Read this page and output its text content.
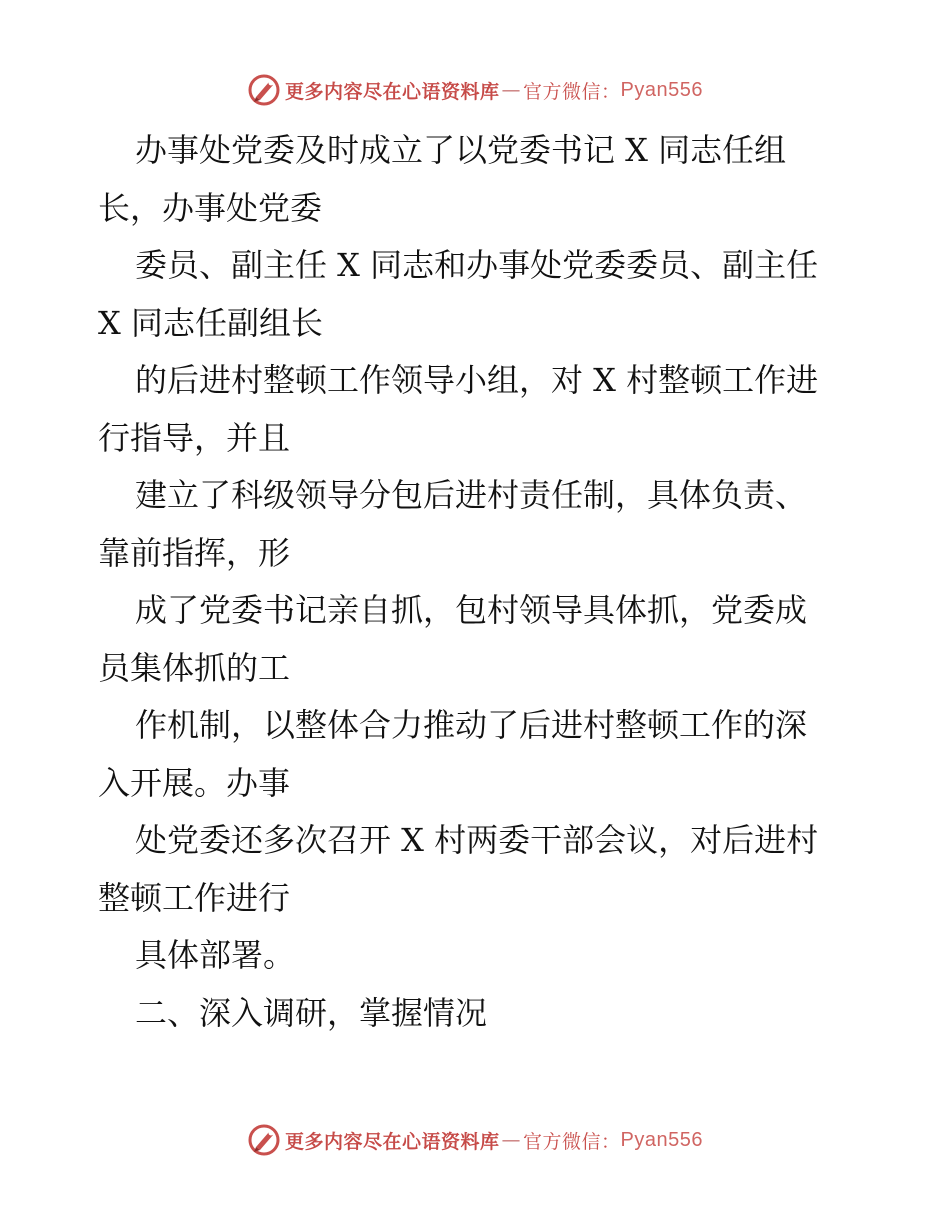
更多内容尽在心语资料库 — 官方微信： Pyan556

办事处党委及时成立了以党委书记 X 同志任组

长，办事处党委

委员、副主任 X 同志和办事处党委委员、副主任

X 同志任副组长

的后进村整顿工作领导小组，对 X 村整顿工作进

行指导，并且

建立了科级领导分包后进村责任制，具体负责、

靠前指挥，形

成了党委书记亲自抓，包村领导具体抓，党委成

员集体抓的工

作机制，以整体合力推动了后进村整顿工作的深

入开展。办事

处党委还多次召开 X 村两委干部会议，对后进村

整顿工作进行

具体部署。

二、深入调研，掌握情况

更多内容尽在心语资料库 — 官方微信： Pyan556
